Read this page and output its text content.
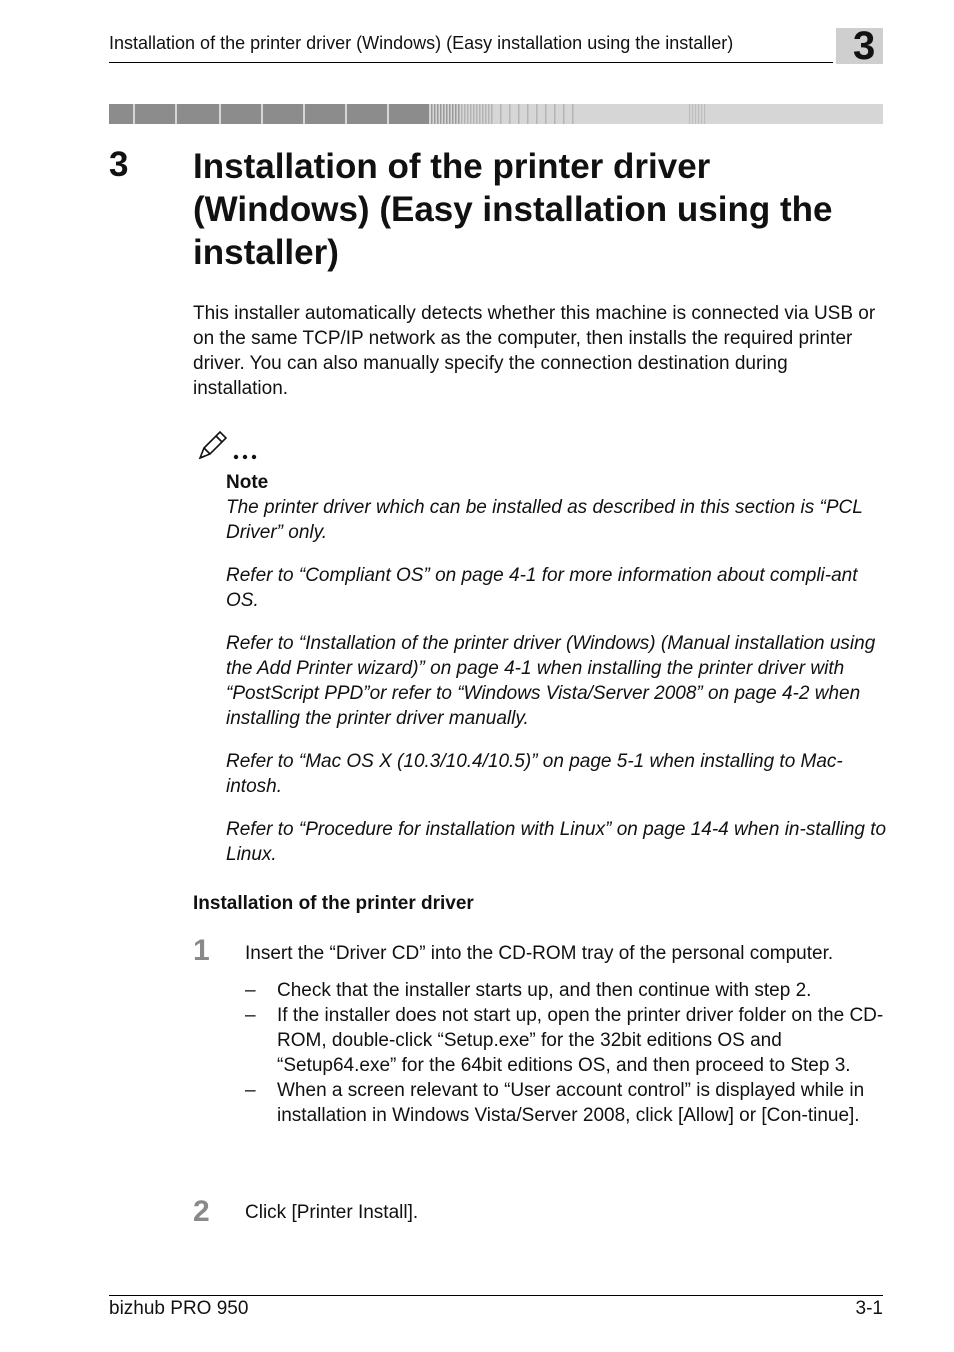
Installation of the printer driver (Windows) (Easy installation using the installer)	3
3 Installation of the printer driver (Windows) (Easy installation using the installer)
This installer automatically detects whether this machine is connected via USB or on the same TCP/IP network as the computer, then installs the required printer driver. You can also manually specify the connection destination during installation.
Note

The printer driver which can be installed as described in this section is “PCL Driver” only.

Refer to “Compliant OS” on page 4-1 for more information about compli-ant OS.

Refer to “Installation of the printer driver (Windows) (Manual installation using the Add Printer wizard)” on page 4-1 when installing the printer driver with “PostScript PPD”or refer to “Windows Vista/Server 2008” on page 4-2 when installing the printer driver manually.

Refer to “Mac OS X (10.3/10.4/10.5)” on page 5-1 when installing to Mac-intosh.

Refer to “Procedure for installation with Linux” on page 14-4 when in-stalling to Linux.

Installation of the printer driver
1 Insert the “Driver CD” into the CD-ROM tray of the personal computer.
– Check that the installer starts up, and then continue with step 2.
– If the installer does not start up, open the printer driver folder on the CD-ROM, double-click “Setup.exe” for the 32bit editions OS and “Setup64.exe” for the 64bit editions OS, and then proceed to Step 3.
– When a screen relevant to “User account control” is displayed while in installation in Windows Vista/Server 2008, click [Allow] or [Con-tinue].
2 Click [Printer Install].
bizhub PRO 950	3-1
